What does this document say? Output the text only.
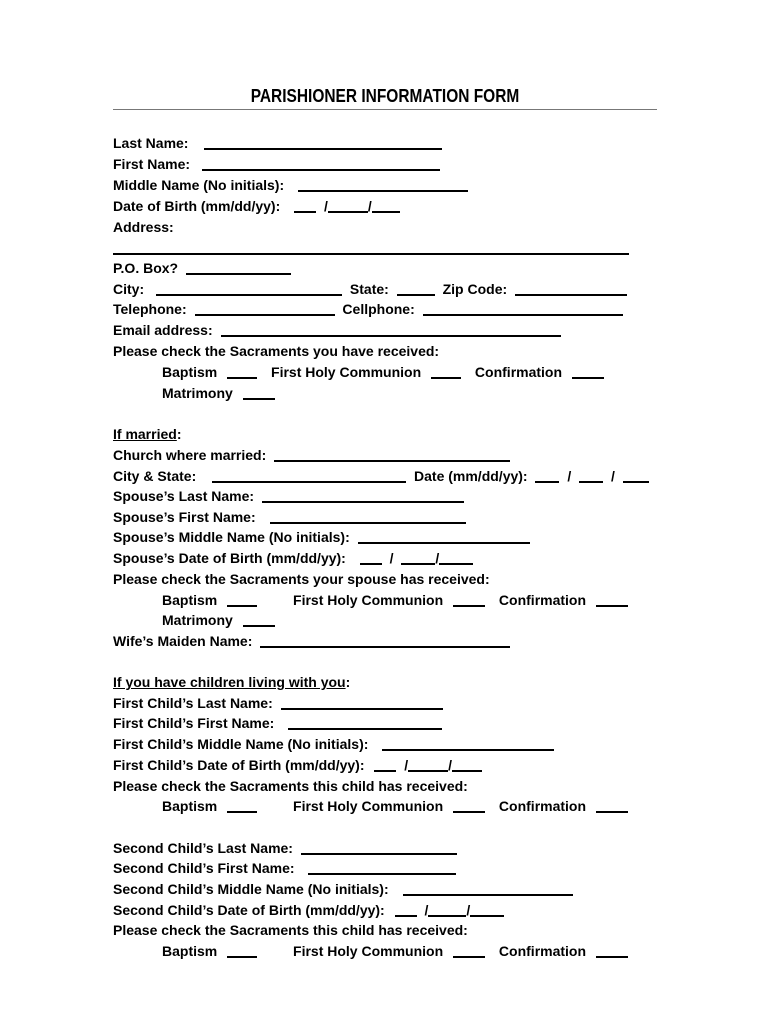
PARISHIONER INFORMATION FORM
Last Name:
First Name:
Middle Name (No initials):
Date of Birth (mm/dd/yy):	/	/
Address:
P.O. Box?
City:	State:	Zip Code:
Telephone:	Cellphone:
Email address:
Please check the Sacraments you have received:
Baptism	First Holy Communion	Confirmation
Matrimony
If married:
Church where married:
City & State:	Date (mm/dd/yy):	/	/
Spouse’s Last Name:
Spouse’s First Name:
Spouse’s Middle Name (No initials):
Spouse’s Date of Birth (mm/dd/yy):	/	/
Please check the Sacraments your spouse has received:
Baptism	First Holy Communion	Confirmation
Matrimony
Wife’s Maiden Name:
If you have children living with you:
First Child’s Last Name:
First Child’s First Name:
First Child’s Middle Name (No initials):
First Child’s Date of Birth (mm/dd/yy):	/	/
Please check the Sacraments this child has received:
Baptism	First Holy Communion	Confirmation
Second Child’s Last Name:
Second Child’s First Name:
Second Child’s Middle Name (No initials):
Second Child’s Date of Birth (mm/dd/yy):	/	/
Please check the Sacraments this child has received:
Baptism	First Holy Communion	Confirmation
